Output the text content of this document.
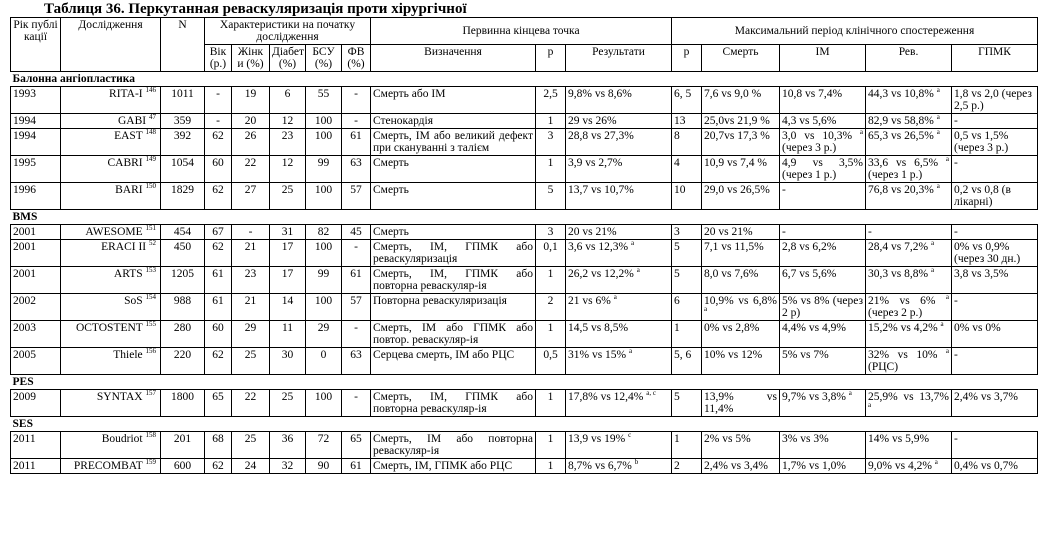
Таблиця 36. Перкутанная реваскуляризація проти хірургічної
Рік публі кації	Дослідження	N	Характеристики на початку дослідження					Первинна кінцева точка			Максимальний період клінічного спостереження				
			Вік (р.)	Жінк и (%)	Діабет (%)	БСУ (%)	ФВ (%)	Визначення	р	Результати	р	Смерть	ІМ	Рев.	ГПМК
Балонна ангіопластика															
1993	RITA-I $^{146}$	1011	-	19	6	55	-	Смерть або ІМ	2,5	9,8% vs 8,6%	6, 5	7,6 vs 9,0 %	10,8 vs 7,4%	44,3 vs 10,8% $^a$	1,8 vs 2,0 (через 2,5 р.)
1994	GABI $^{47}$	359	-	20	12	100	-	Стенокардія	1	29 vs 26%	13	25,0vs 21,9 %	4,3 vs 5,6%	82,9 vs 58,8% $^a$	-
1994	EAST $^{148}$	392	62	26	23	100	61	Смерть, ІМ або великий дефект при скануванні з талієм	3	28,8 vs 27,3%	8	20,7vs 17,3 %	3,0 vs 10,3% $^a$ (через 3 р.)	65,3 vs 26,5% $^a$	0,5 vs 1,5% (через 3 р.)
1995	CABRI $^{149}$	1054	60	22	12	99	63	Смерть	1	3,9 vs 2,7%	4	10,9 vs 7,4 %	4,9 vs 3,5% (через 1 р.)	33,6 vs 6,5% $^a$ (через 1 р.)	-
1996	BARI $^{150}$	1829	62	27	25	100	57	Смерть	5	13,7 vs 10,7%	10	29,0 vs 26,5%	-	76,8 vs 20,3% $^a$	0,2 vs 0,8 (в лікарні)
BMS															
2001	AWESOME $^{151}$	454	67	-	31	82	45	Смерть	3	20 vs 21%	3	20 vs 21%	-	-	-
2001	ERACI II $^{52}$	450	62	21	17	100	-	Смерть, ІМ, ГПМК або реваскуляризація	0,1	3,6 vs 12,3% $^a$	5	7,1 vs 11,5%	2,8 vs 6,2%	28,4 vs 7,2% $^a$	0% vs 0,9% (через 30 дн.)
2001	ARTS $^{153}$	1205	61	23	17	99	61	Смерть, ІМ, ГПМК або повторна реваскуляр-ія	1	26,2 vs 12,2% $^a$	5	8,0 vs 7,6%	6,7 vs 5,6%	30,3 vs 8,8% $^a$	3,8 vs 3,5%
2002	SoS $^{154}$	988	61	21	14	100	57	Повторна реваскуляризація	2	21 vs 6% $^a$	6	10,9% vs 6,8% $^a$	5% vs 8% (через 2 р)	21% vs 6% $^a$ (через 2 р.)	-
2003	OCTOSTENT $^{155}$	280	60	29	11	29	-	Смерть, ІМ або ГПМК або повтор. реваскуляр-ія	1	14,5 vs 8,5%	1	0% vs 2,8%	4,4% vs 4,9%	15,2% vs 4,2% $^a$	0% vs 0%
2005	Thiele $^{156}$	220	62	25	30	0	63	Серцева смерть, ІМ або РЦС	0,5	31% vs 15% $^a$	5, 6	10% vs 12%	5% vs 7%	32% vs 10% $^a$ (РЦС)	-
PES															
2009	SYNTAX $^{157}$	1800	65	22	25	100	-	Смерть, ІМ, ГПМК або повторна реваскуляр-ія	1	17,8% vs 12,4% $^{a, c}$	5	13,9% vs 11,4%	9,7% vs 3,8% $^a$	25,9% vs 13,7% $^a$	2,4% vs 3,7%
SES															
2011	Boudriot $^{158}$	201	68	25	36	72	65	Смерть, ІМ або повторна реваскуляр-ія	1	13,9 vs 19% $^c$	1	2% vs 5%	3% vs 3%	14% vs 5,9%	-
2011	PRECOMBAT $^{159}$	600	62	24	32	90	61	Смерть, ІМ, ГПМК або РЦС	1	8,7% vs 6,7% $^b$	2	2,4% vs 3,4%	1,7% vs 1,0%	9,0% vs 4,2% $^a$	0,4% vs 0,7%
